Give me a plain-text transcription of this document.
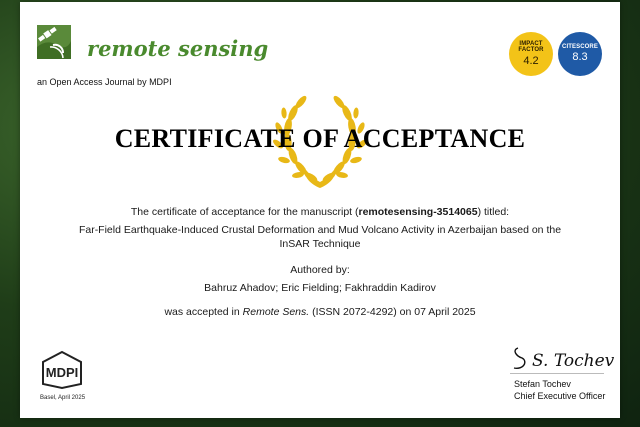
remote sensing
an Open Access Journal by MDPI
IMPACT
FACTOR
4.2
CITESCORE
8.3
CERTIFICATE OF ACCEPTANCE
The certificate of acceptance for the manuscript (remotesensing-3514065) titled:
Far-Field Earthquake-Induced Crustal Deformation and Mud Volcano Activity in Azerbaijan based on the
InSAR Technique
Authored by:
Bahruz Ahadov; Eric Fielding; Fakhraddin Kadirov
was accepted in Remote Sens. (ISSN 2072-4292) on 07 April 2025
MDPI
Basel, April 2025
S. Tochev
Stefan Tochev
Chief Executive Officer
